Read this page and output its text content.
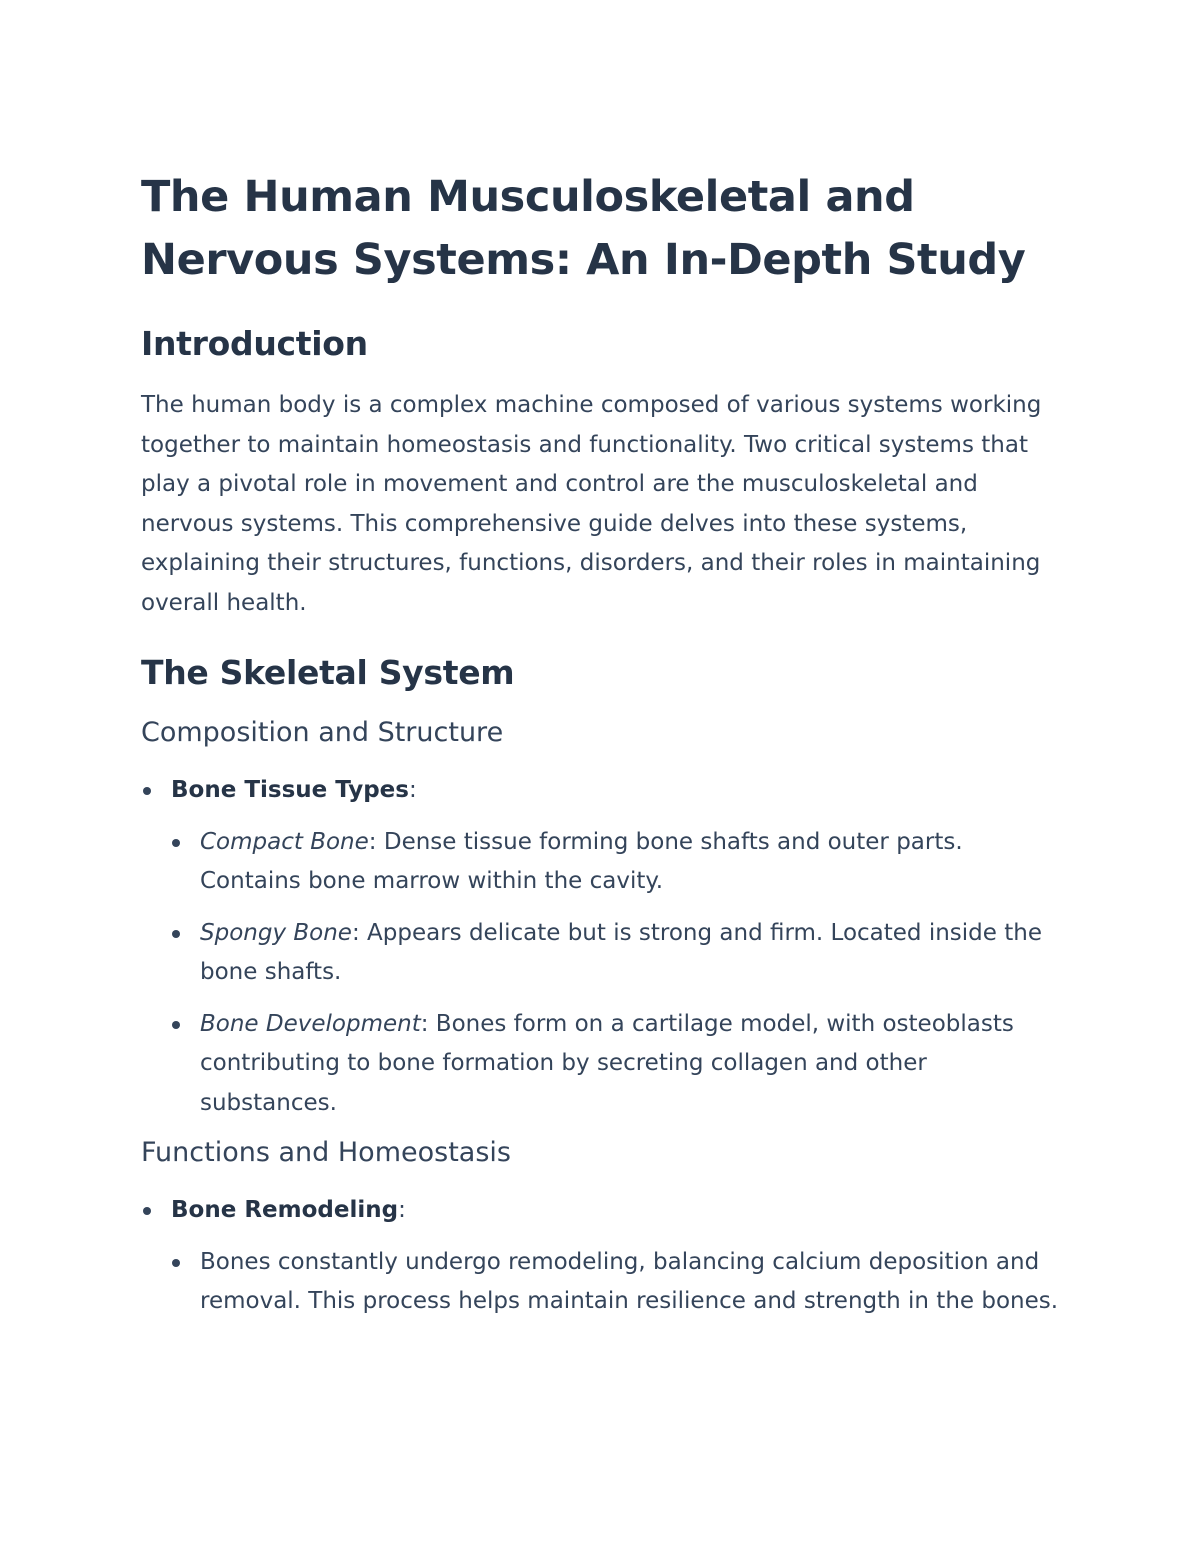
The Human Musculoskeletal and
Nervous Systems: An In-Depth Study
Introduction

The human body is a complex machine composed of various systems working together to maintain homeostasis and functionality. Two critical systems that play a pivotal role in movement and control are the musculoskeletal and nervous systems. This comprehensive guide delves into these systems, explaining their structures, functions, disorders, and their roles in maintaining overall health.

The Skeletal System
Composition and Structure
Bone Tissue Types:
Compact Bone: Dense tissue forming bone shafts and outer parts. Contains bone marrow within the cavity.
Spongy Bone: Appears delicate but is strong and firm. Located inside the bone shafts.
Bone Development: Bones form on a cartilage model, with osteoblasts contributing to bone formation by secreting collagen and other substances.
Functions and Homeostasis
Bone Remodeling:
Bones constantly undergo remodeling, balancing calcium deposition and removal. This process helps maintain resilience and strength in the bones.
